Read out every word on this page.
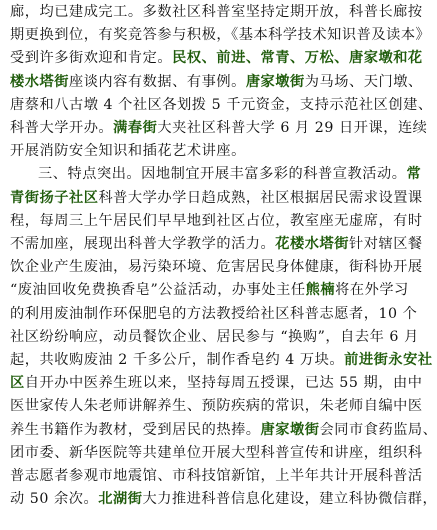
廊，均已建成完工。多数社区科普室坚持定期开放，科普长廊按
期更换到位，有奖竞答参与积极，《基本科学技术知识普及读本》
受到许多街欢迎和肯定。民权、前进、常青、万松、唐家墩和花
楼水塔街座谈内容有数据、有事例。唐家墩街为马场、天门墩、
唐蔡和八古墩 4 个社区各划拨 5 千元资金，支持示范社区创建、
科普大学开办。满春街大夹社区科普大学 6 月 29 日开课，连续
开展消防安全知识和插花艺术讲座。
三、特点突出。因地制宜开展丰富多彩的科普宣教活动。常
青街扬子社区科普大学办学日趋成熟，社区根据居民需求设置课
程，每周三上午居民们早早地到社区占位，教室座无虚席，有时
不需加座，展现出科普大学教学的活力。花楼水塔街针对辖区餐
饮企业产生废油，易污染环境、危害居民身体健康，街科协开展
“废油回收免费换香皂”公益活动，办事处主任熊楠将在外学习
的利用废油制作环保肥皂的方法教授给社区科普志愿者，10 个
社区纷纷响应，动员餐饮企业、居民参与 “换购”，自去年 6 月
起，共收购废油 2 千多公斤，制作香皂约 4 万块。前进街永安社
区自开办中医养生班以来，坚持每周五授课，已达 55 期，由中
医世家传人朱老师讲解养生、预防疾病的常识，朱老师自编中医
养生书籍作为教材，受到居民的热捧。唐家墩街会同市食药监局、
团市委、新华医院等共建单位开展大型科普宣传和讲座，组织科
普志愿者参观市地震馆、市科技馆新馆，上半年共计开展科普活
动 50 余次。北湖街大力推进科普信息化建设，建立科协微信群，
